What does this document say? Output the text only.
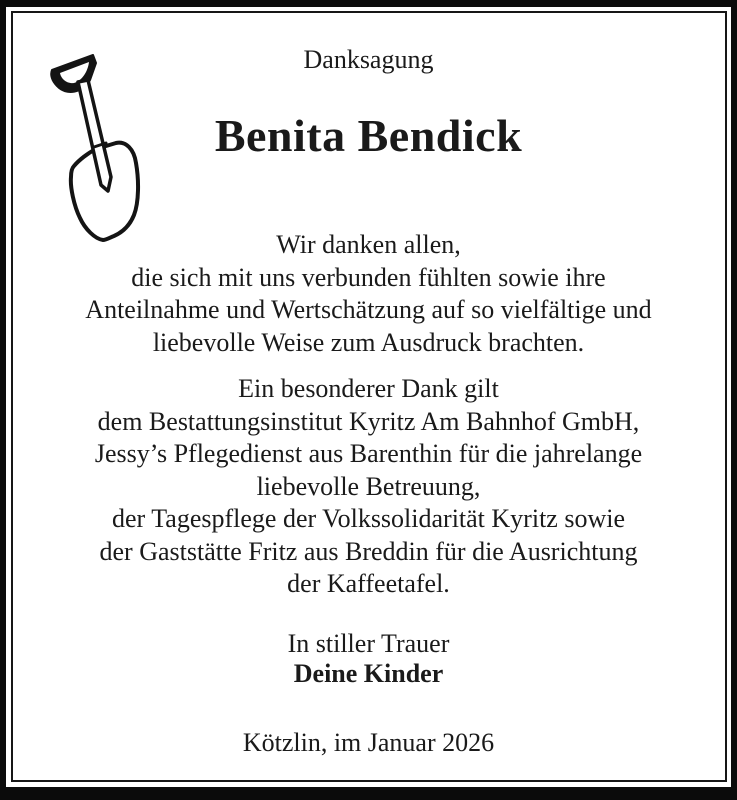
Danksagung
Benita Bendick
Wir danken allen,
die sich mit uns verbunden fühlten sowie ihre
Anteilnahme und Wertschätzung auf so vielfältige und
liebevolle Weise zum Ausdruck brachten.
Ein besonderer Dank gilt
dem Bestattungsinstitut Kyritz Am Bahnhof GmbH,
Jessy’s Pflegedienst aus Barenthin für die jahrelange
liebevolle Betreuung,
der Tagespflege der Volkssolidarität Kyritz sowie
der Gaststätte Fritz aus Breddin für die Ausrichtung
der Kaffeetafel.
In stiller Trauer
Deine Kinder
Kötzlin, im Januar 2026
